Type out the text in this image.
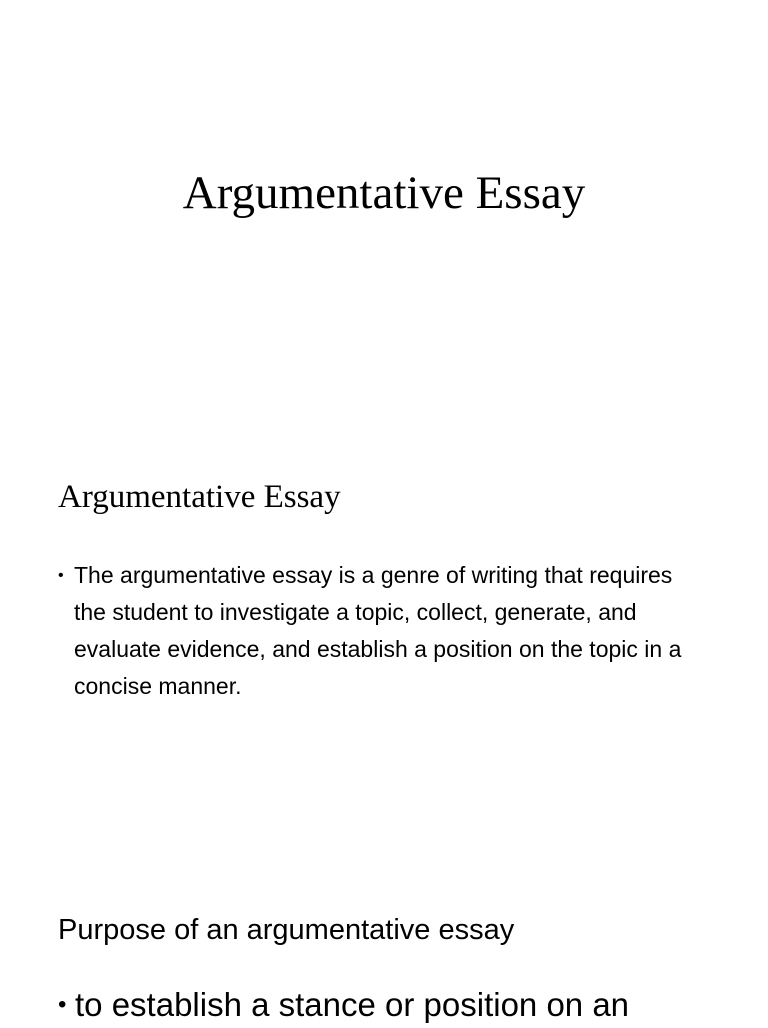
Argumentative Essay
Argumentative Essay
• The argumentative essay is a genre of writing that requires the student to investigate a topic, collect, generate, and evaluate evidence, and establish a position on the topic in a concise manner.
Purpose of an argumentative essay
• to establish a stance or position on an
